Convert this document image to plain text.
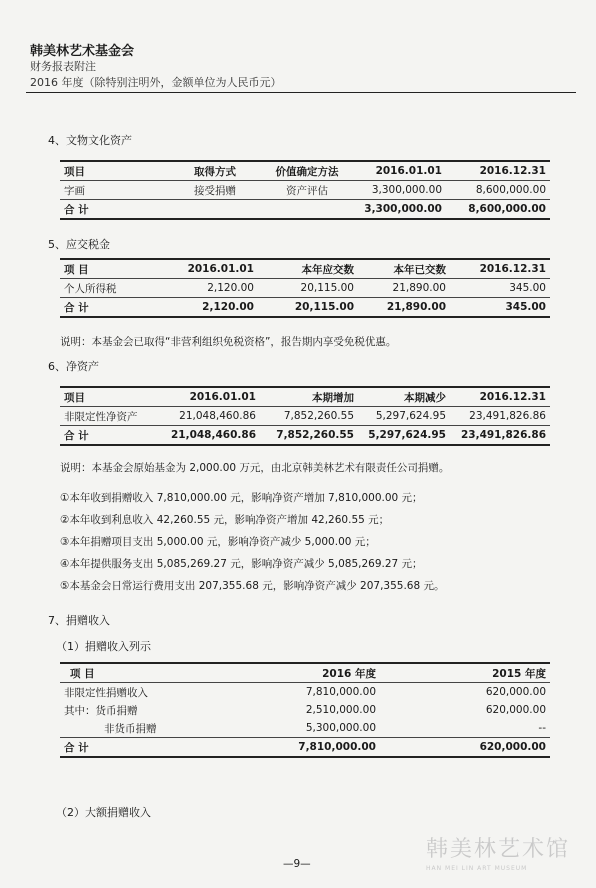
韩美林艺术基金会
财务报表附注
2016 年度（除特别注明外，金额单位为人民币元）
4、文物文化资产
项目	取得方式	价值确定方法	2016.01.01	2016.12.31
字画	接受捐赠	资产评估	3,300,000.00	8,600,000.00
合 计			3,300,000.00	8,600,000.00
5、应交税金
项 目	2016.01.01	本年应交数	本年已交数	2016.12.31
个人所得税	2,120.00	20,115.00	21,890.00	345.00
合 计	2,120.00	20,115.00	21,890.00	345.00
说明：本基金会已取得“非营利组织免税资格”，报告期内享受免税优惠。
6、净资产
项目	2016.01.01	本期增加	本期减少	2016.12.31
非限定性净资产	21,048,460.86	7,852,260.55	5,297,624.95	23,491,826.86
合 计	21,048,460.86	7,852,260.55	5,297,624.95	23,491,826.86
说明：本基金会原始基金为 2,000.00 万元，由北京韩美林艺术有限责任公司捐赠。
①本年收到捐赠收入 7,810,000.00 元，影响净资产增加 7,810,000.00 元；
②本年收到利息收入 42,260.55 元，影响净资产增加 42,260.55 元；
③本年捐赠项目支出 5,000.00 元，影响净资产减少 5,000.00 元；
④本年提供服务支出 5,085,269.27 元，影响净资产减少 5,085,269.27 元；
⑤本基金会日常运行费用支出 207,355.68 元，影响净资产减少 207,355.68 元。
7、捐赠收入
（1）捐赠收入列示
项 目	2016 年度	2015 年度
非限定性捐赠收入	7,810,000.00	620,000.00
其中：货币捐赠	2,510,000.00	620,000.00
非货币捐赠	5,300,000.00	--
合 计	7,810,000.00	620,000.00
（2）大额捐赠收入
—9—
韩美林艺术馆
HAN MEI LIN ART MUSEUM
